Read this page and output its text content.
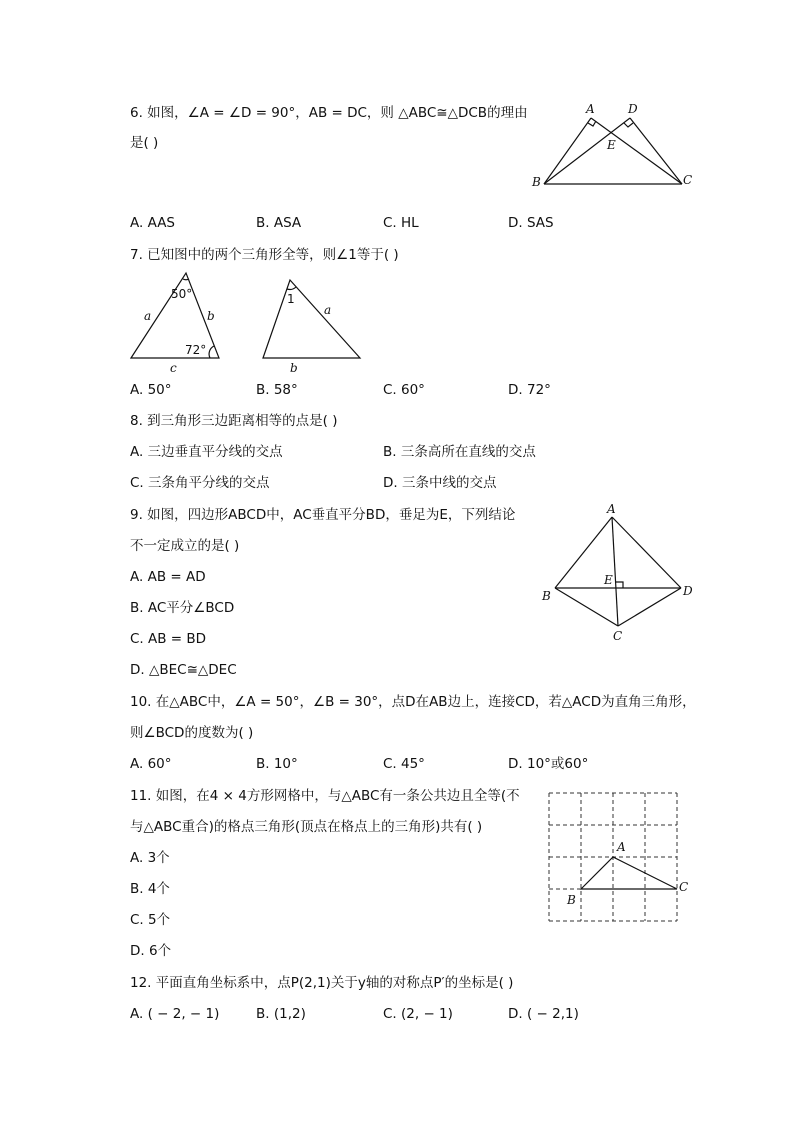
6. 如图，∠A = ∠D = 90°，AB = DC，则 △ABC≅△DCB的理由
是( )
A	D
E
B	C
A. AAS	B. ASA	C. HL	D. SAS
7. 已知图中的两个三角形全等，则∠1等于( )
a	b
c
50°
72°
1
a
b
A. 50°	B. 58°	C. 60°	D. 72°
8. 到三角形三边距离相等的点是( )
A. 三边垂直平分线的交点	B. 三条高所在直线的交点
C. 三条角平分线的交点	D. 三条中线的交点
9. 如图，四边形ABCD中，AC垂直平分BD，垂足为E，下列结论
不一定成立的是( )
A
B	D
E
C
A. AB = AD
B. AC平分∠BCD
C. AB = BD
D. △BEC≅△DEC
10. 在△ABC中，∠A = 50°，∠B = 30°，点D在AB边上，连接CD，若△ACD为直角三角形，
则∠BCD的度数为( )
A. 60°	B. 10°	C. 45°	D. 10°或60°
11. 如图，在4 × 4方形网格中，与△ABC有一条公共边且全等(不
与△ABC重合)的格点三角形(顶点在格点上的三角形)共有( )
A
B
C
A. 3个
B. 4个
C. 5个
D. 6个
12. 平面直角坐标系中，点P(2,1)关于y轴的对称点P′的坐标是( )
A. ( − 2, − 1)	B. (1,2)	C. (2, − 1)	D. ( − 2,1)
